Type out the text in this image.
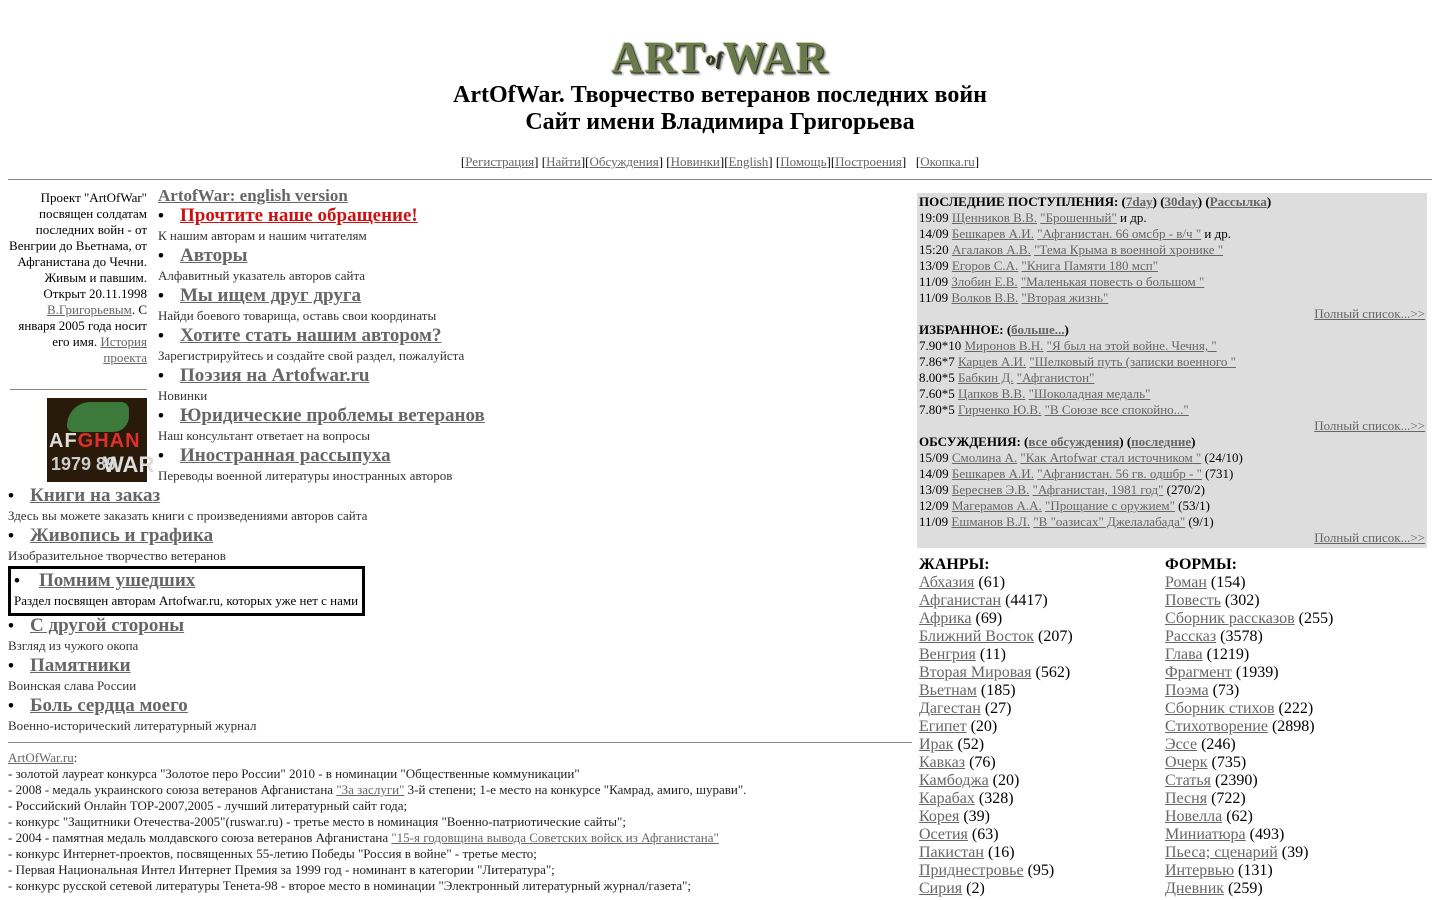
$ART^{of}WAR$
ArtOfWar. Творчество ветеранов последних войн
Сайт имени Владимира Григорьева
[Регистрация] [Найти][Обсуждения] [Новинки][English] [Помощь][Построения]   [Окопка.ru]
Проект "ArtOfWar" посвящен солдатам последних войн - от Венгрии до Вьетнама, от Афганистана до Чечни. Живым и павшим. Открыт 20.11.1998 В.Григорьевым. С января 2005 года носит его имя. История проекта
AFGHAN
1979 89
WAR
ArtofWar: english version
• Прочтите наше обращение!
К нашим авторам и нашим читателям
• Авторы
Алфавитный указатель авторов сайта
• Мы ищем друг друга
Найди боевого товарища, оставь свои координаты
• Хотите стать нашим автором?
Зарегистрируйтесь и создайте свой раздел, пожалуйста
• Поэзия на Artofwar.ru
Новинки
• Юридические проблемы ветеранов
Наш консультант ответает на вопросы
• Иностранная рассыпуха
Переводы военной литературы иностранных авторов
• Книги на заказ
Здесь вы можете заказать книги с произведениями авторов сайта
• Живопись и графика
Изобразительное творчество ветеранов
• Помним ушедших
Раздел посвящен авторам Artofwar.ru, которых уже нет с нами
• С другой стороны
Взгляд из чужого окопа
• Памятники
Воинская слава России
• Боль сердца моего
Военно-исторический литературный журнал
ArtOfWar.ru:
- золотой лауреат конкурса "Золотое перо России" 2010 - в номинации "Общественные коммуникации"
- 2008 - медаль украинского союза ветеранов Афганистана "За заслуги" 3-й степени; 1-е место на конкурсе "Камрад, амиго, шурави".
- Российский Онлайн TOP-2007,2005 - лучший литературный сайт года;
- конкурс "Защитники Отечества-2005"(ruswar.ru) - третье место в номинация "Военно-патриотические сайты";
- 2004 - памятная медаль молдавского союза ветеранов Афганистана "15-я годовщина вывода Советских войск из Афганистана"
- конкурс Интернет-проектов, посвященных 55-летию Победы "Россия в войне" - третье место;
- Первая Национальная Интел Интернет Премия за 1999 год - номинант в категории "Литература";
- конкурс русской сетевой литературы Тенета-98 - второе место в номинации "Электронный литературный журнал/газета";
ПОСЛЕДНИЕ ПОСТУПЛЕНИЯ: (7day) (30day) (Рассылка)
19:09 Щенников В.В. "Брошенный" и др.
14/09 Бешкарев А.И. "Афганистан. 66 омсбр - в/ч " и др.
15:20 Агалаков А.В. "Тема Крыма в военной хронике "
13/09 Егоров С.А. "Книга Памяти 180 мсп"
11/09 Злобин Е.В. "Маленькая повесть о большом "
11/09 Волков В.В. "Вторая жизнь"
Полный список...>>
ИЗБРАННОЕ: (больше...)
7.90*10 Миронов В.Н. "Я был на этой войне. Чечня, "
7.86*7 Карцев А.И. "Шелковый путь (записки военного "
8.00*5 Бабкин Д. "Афганистон"
7.60*5 Цапков В.В. "Шоколадная медаль"
7.80*5 Гирченко Ю.В. "В Союзе все спокойно..."
Полный список...>>
ОБСУЖДЕНИЯ: (все обсуждения) (последние)
15/09 Смолина А. "Как Artofwar стал источником " (24/10)
14/09 Бешкарев А.И. "Афганистан. 56 гв. одшбр - " (731)
13/09 Береснев Э.В. "Афганистан, 1981 год" (270/2)
12/09 Магерамов А.А. "Прощание с оружием" (53/1)
11/09 Ешманов В.Л. "В "оазисах" Джелалабада" (9/1)
Полный список...>>
ЖАНРЫ:
Абхазия (61)
Афганистан (4417)
Африка (69)
Ближний Восток (207)
Венгрия (11)
Вторая Мировая (562)
Вьетнам (185)
Дагестан (27)
Египет (20)
Ирак (52)
Кавказ (76)
Камбоджа (20)
Карабах (328)
Корея (39)
Осетия (63)
Пакистан (16)
Приднестровье (95)
Сирия (2)
ФОРМЫ:
Роман (154)
Повесть (302)
Сборник рассказов (255)
Рассказ (3578)
Глава (1219)
Фрагмент (1939)
Поэма (73)
Сборник стихов (222)
Стихотворение (2898)
Эссе (246)
Очерк (735)
Статья (2390)
Песня (722)
Новелла (62)
Миниатюра (493)
Пьеса; сценарий (39)
Интервью (131)
Дневник (259)
